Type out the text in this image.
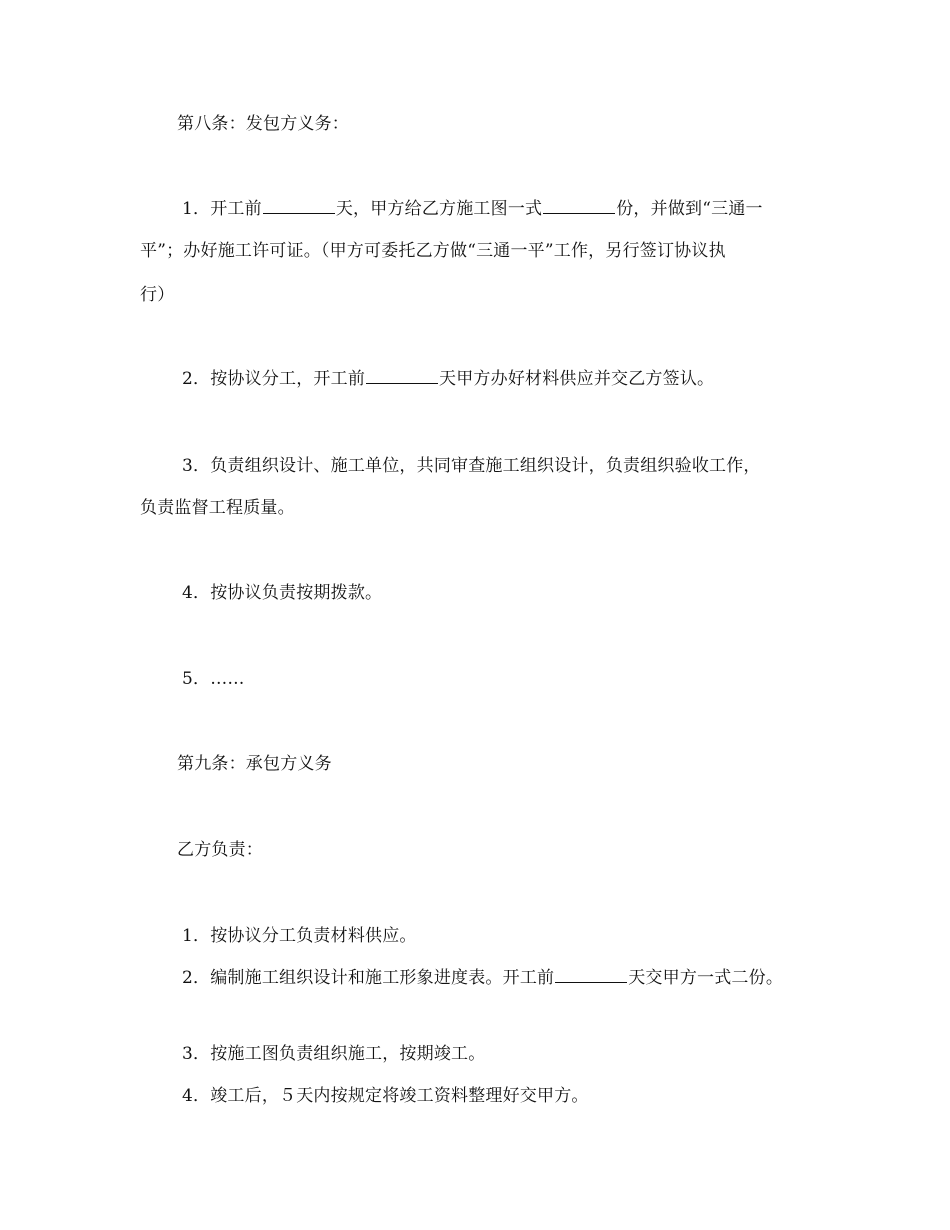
第八条：发包方义务：
1．开工前	天，甲方给乙方施工图一式	份，并做到“三通一
平”；办好施工许可证。（甲方可委托乙方做“三通一平”工作，另行签订协议执
行）
2．按协议分工，开工前	天甲方办好材料供应并交乙方签认。
3．负责组织设计、施工单位，共同审查施工组织设计，负责组织验收工作，
负责监督工程质量。
4．按协议负责按期拨款。
5．……
第九条：承包方义务
乙方负责：
1．按协议分工负责材料供应。
2．编制施工组织设计和施工形象进度表。开工前	天交甲方一式二份。
3．按施工图负责组织施工，按期竣工。
4．竣工后，５天内按规定将竣工资料整理好交甲方。
